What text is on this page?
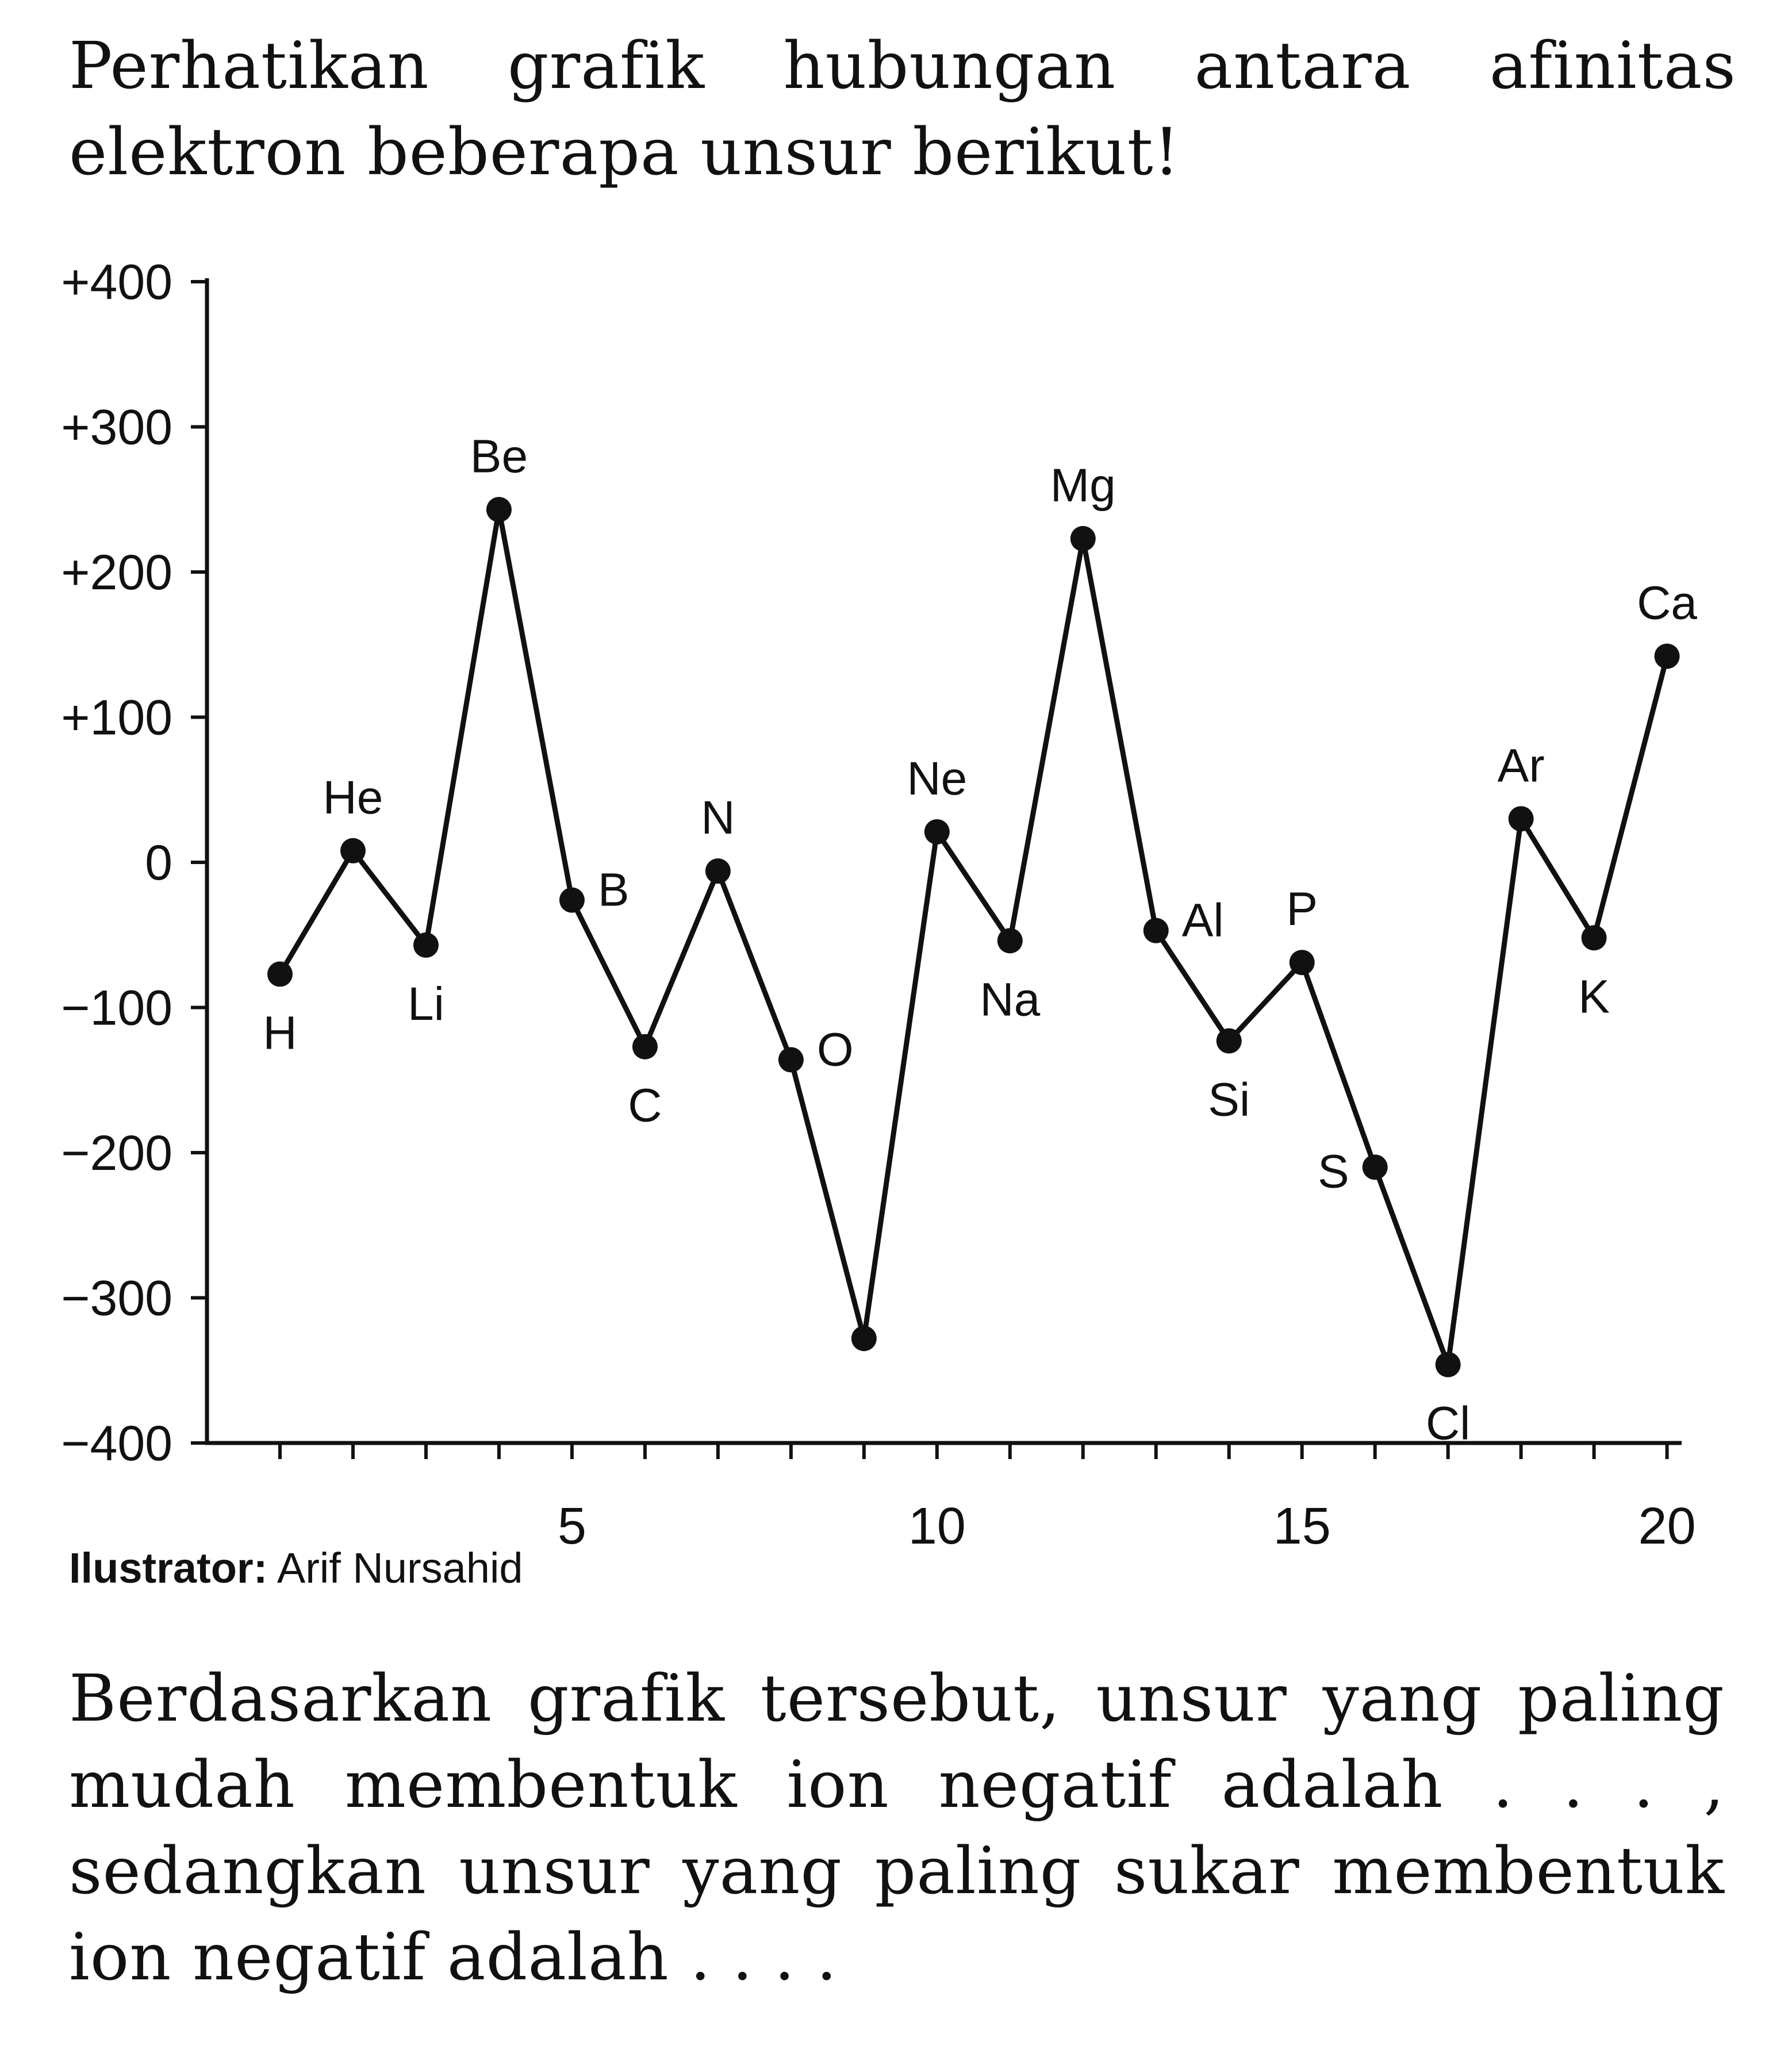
Perhatikan grafik hubungan antara afinitas
elektron beberapa unsur berikut!
+400
+300
+200
+100
0
−100
−200
−300
−400
5	10	15	20
H
He
Li
Be
B
C
N
O
Ne
Na
Mg
Al
Si
P
S
Cl
Ar
K
Ca
Ilustrator: Arif Nursahid
Berdasarkan grafik tersebut, unsur yang paling
mudah membentuk ion negatif adalah . . . ,
sedangkan unsur yang paling sukar membentuk
ion negatif adalah . . . .
